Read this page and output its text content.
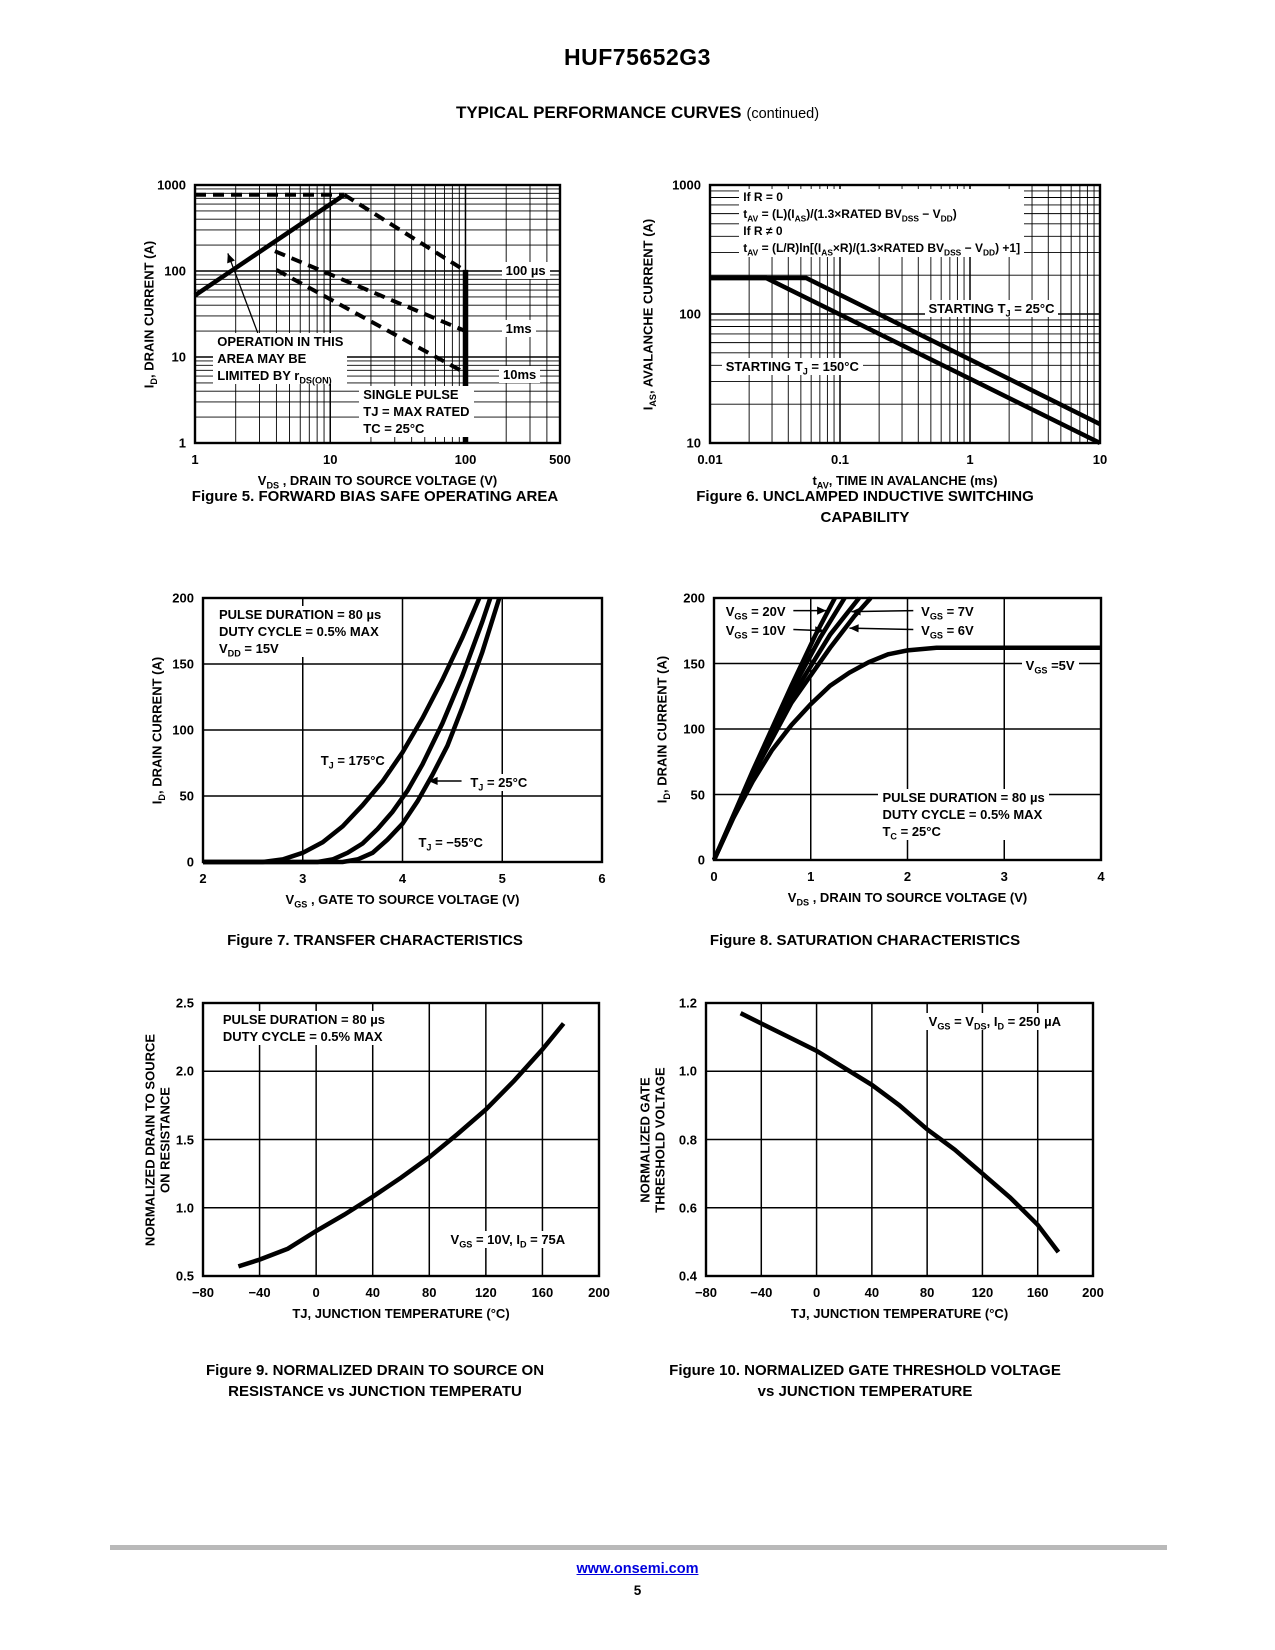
HUF75652G3
TYPICAL PERFORMANCE CURVES (continued)
1	10	100	500
1000
100
10
1
$V_{DS}$ , DRAIN TO SOURCE VOLTAGE (V)
$I_D$, DRAIN CURRENT (A)	OPERATION IN THIS
AREA MAY BE
LIMITED BY $r_{DS(ON)}$
SINGLE PULSE
TJ = MAX RATED
TC = 25°C
100 µs
1ms
10ms
0.01	0.1	1	10
1000
100
10
$t_{AV}$, TIME IN AVALANCHE (ms)
$I_{AS}$, AVALANCHE CURRENT (A)
If R = 0
$t_{AV}$ = $(L)(I_{AS})/(1.3\times RATED$ $BV_{DSS} - V_{DD}$)
If R ≠ 0
$t_{AV}$ = $(L/R)\ln[(I_{AS}\times R)/(1.3\times RATED$ $BV_{DSS} - V_{DD}) +1$]
STARTING $T_J = 25^\circ C$
STARTING $T_J = 150^\circ C$
2	3	4	5	6
200
150
100
50
0
$V_{GS}$ , GATE TO SOURCE VOLTAGE (V)
$I_D$, DRAIN CURRENT (A)
PULSE DURATION = 80 µs
DUTY CYCLE = 0.5% MAX
$V_{DD} = 15V$
$T_J = 175^\circ C$
$T_J = 25^\circ C$
$T_J = -55^\circ C$
0	1	2	3	4
200
150
100
50
0
$V_{DS}$ , DRAIN TO SOURCE VOLTAGE (V)
$I_D$, DRAIN CURRENT (A)
$V_{GS} = 20V$
$V_{GS} = 10V$
$V_{GS} = 7V$
$V_{GS} = 6V$
$V_{GS} =5V$
PULSE DURATION = 80 µs
DUTY CYCLE = 0.5% MAX
$T_C = 25^\circ C$
−80	−40	0	40	80	120	160	200
2.5
2.0
1.5
1.0
0.5
TJ, JUNCTION TEMPERATURE (°C)
NORMALIZED DRAIN TO SOURCE
ON RESISTANCE
PULSE DURATION = 80 µs
DUTY CYCLE = 0.5% MAX
$V_{GS} = 10V$, $I_D = 75A$
−80	−40	0	40	80	120	160	200
1.2
1.0
0.8
0.6
0.4
TJ, JUNCTION TEMPERATURE (°C)
NORMALIZED GATE
THRESHOLD VOLTAGE
$V_{GS} = V_{DS}$, $I_D = 250$ µA
Figure 5. FORWARD BIAS SAFE OPERATING AREA	Figure 6. UNCLAMPED INDUCTIVE SWITCHING
CAPABILITY
Figure 7. TRANSFER CHARACTERISTICS	Figure 8. SATURATION CHARACTERISTICS
Figure 9. NORMALIZED DRAIN TO SOURCE ON
RESISTANCE vs JUNCTION TEMPERATU
Figure 10. NORMALIZED GATE THRESHOLD VOLTAGE
vs JUNCTION TEMPERATURE
www.onsemi.com
5
